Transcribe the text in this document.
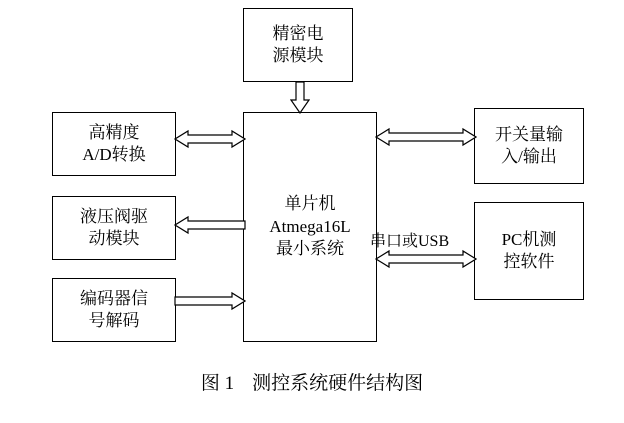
精密电
源模块
单片机
Atmega16L
最小系统
高精度
A/D转换
液压阀驱
动模块
编码器信
号解码
开关量输
入/输出
PC机测
控软件
串口或USB
图 1 测控系统硬件结构图
